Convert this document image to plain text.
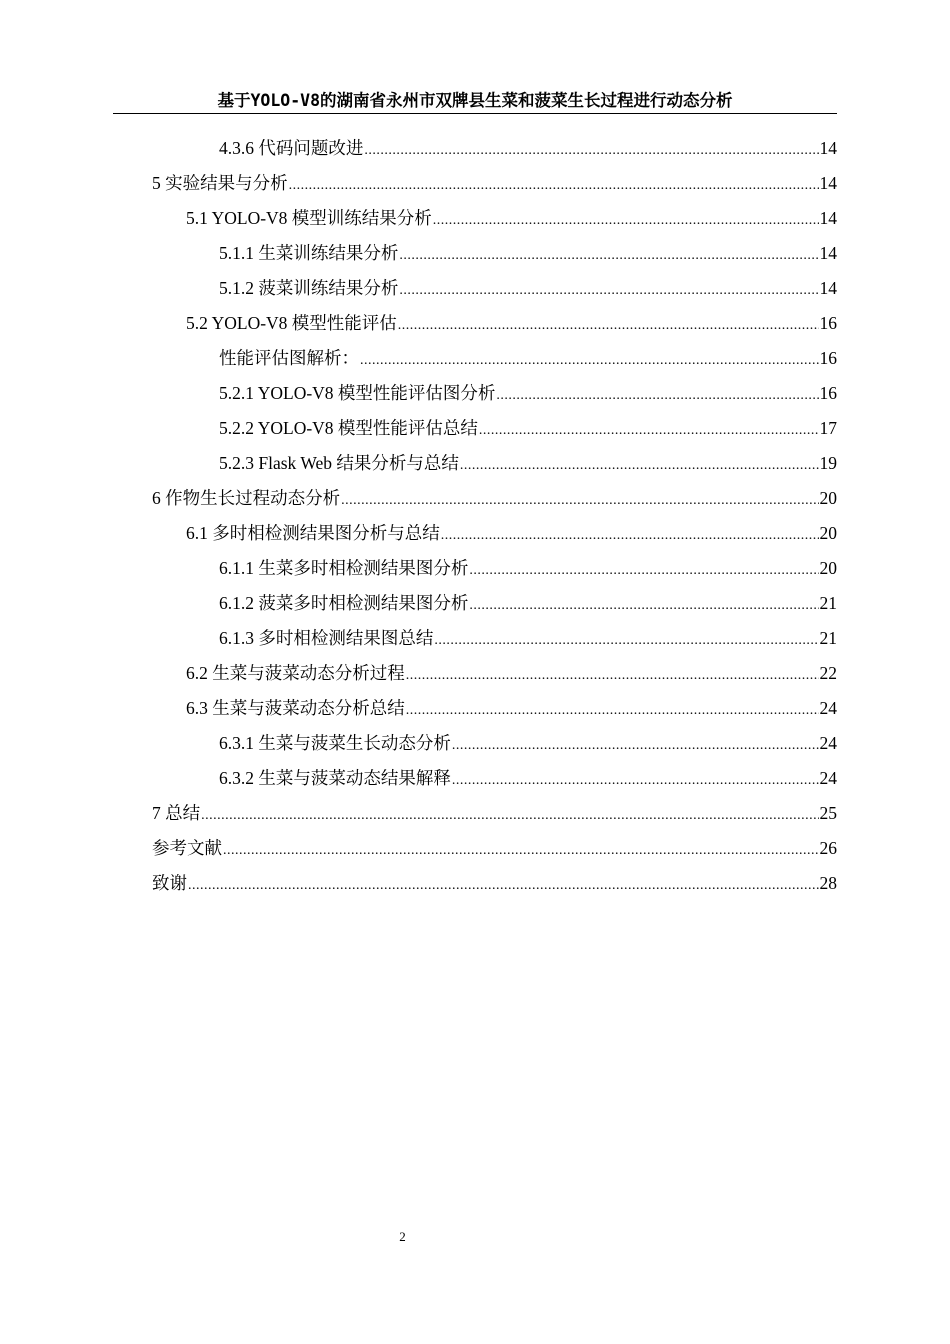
基于YOLO-V8的湖南省永州市双牌县生菜和菠菜生长过程进行动态分析
4.3.6 代码问题改进 .....	14
5 实验结果与分析 .....	14
5.1 YOLO-V8 模型训练结果分析 .....	14
5.1.1 生菜训练结果分析 .....	14
5.1.2 菠菜训练结果分析 .....	14
5.2 YOLO-V8 模型性能评估 .....	16
性能评估图解析： .....	16
5.2.1 YOLO-V8 模型性能评估图分析 .....	16
5.2.2 YOLO-V8 模型性能评估总结 .....	17
5.2.3 Flask Web 结果分析与总结 .....	19
6 作物生长过程动态分析 .....	20
6.1 多时相检测结果图分析与总结 .....	20
6.1.1 生菜多时相检测结果图分析 .....	20
6.1.2 菠菜多时相检测结果图分析 .....	21
6.1.3 多时相检测结果图总结 .....	21
6.2 生菜与菠菜动态分析过程 .....	22
6.3 生菜与菠菜动态分析总结 .....	24
6.3.1 生菜与菠菜生长动态分析 .....	24
6.3.2 生菜与菠菜动态结果解释 .....	24
7 总结 .....	25
参考文献 .....	26
致谢 .....	28
2
